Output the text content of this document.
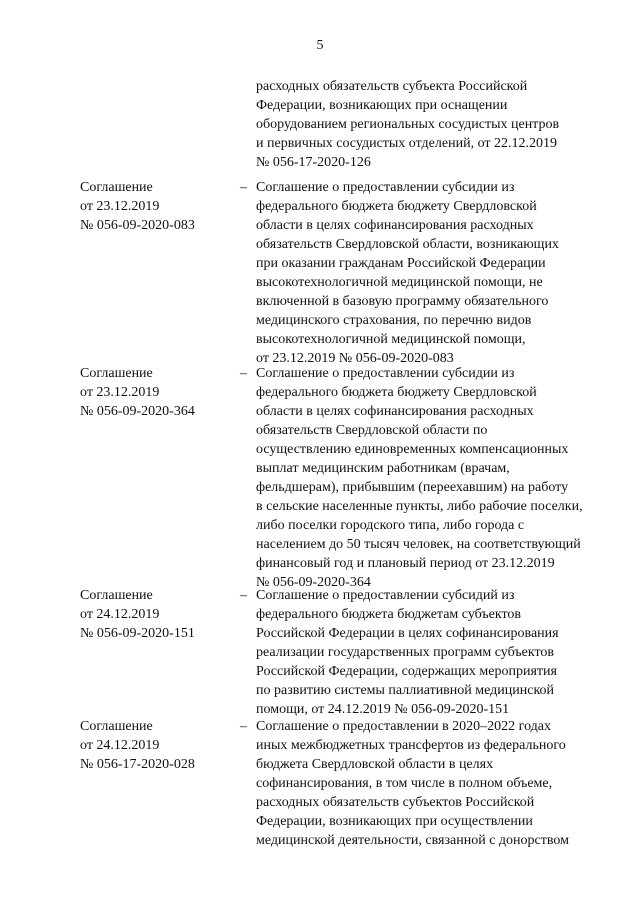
5
расходных обязательств субъекта Российской
Федерации, возникающих при оснащении
оборудованием региональных сосудистых центров
и первичных сосудистых отделений, от 22.12.2019
№ 056-17-2020-126
Соглашение
от 23.12.2019
№ 056-09-2020-083
– Соглашение о предоставлении субсидии из
федерального бюджета бюджету Свердловской
области в целях софинансирования расходных
обязательств Свердловской области, возникающих
при оказании гражданам Российской Федерации
высокотехнологичной медицинской помощи, не
включенной в базовую программу обязательного
медицинского страхования, по перечню видов
высокотехнологичной медицинской помощи,
от 23.12.2019 № 056-09-2020-083
Соглашение
от 23.12.2019
№ 056-09-2020-364
– Соглашение о предоставлении субсидии из
федерального бюджета бюджету Свердловской
области в целях софинансирования расходных
обязательств Свердловской области по
осуществлению единовременных компенсационных
выплат медицинским работникам (врачам,
фельдшерам), прибывшим (переехавшим) на работу
в сельские населенные пункты, либо рабочие поселки,
либо поселки городского типа, либо города с
населением до 50 тысяч человек, на соответствующий
финансовый год и плановый период от 23.12.2019
№ 056-09-2020-364
Соглашение
от 24.12.2019
№ 056-09-2020-151
– Соглашение о предоставлении субсидий из
федерального бюджета бюджетам субъектов
Российской Федерации в целях софинансирования
реализации государственных программ субъектов
Российской Федерации, содержащих мероприятия
по развитию системы паллиативной медицинской
помощи, от 24.12.2019 № 056-09-2020-151
Соглашение
от 24.12.2019
№ 056-17-2020-028
– Соглашение о предоставлении в 2020–2022 годах
иных межбюджетных трансфертов из федерального
бюджета Свердловской области в целях
софинансирования, в том числе в полном объеме,
расходных обязательств субъектов Российской
Федерации, возникающих при осуществлении
медицинской деятельности, связанной с донорством
